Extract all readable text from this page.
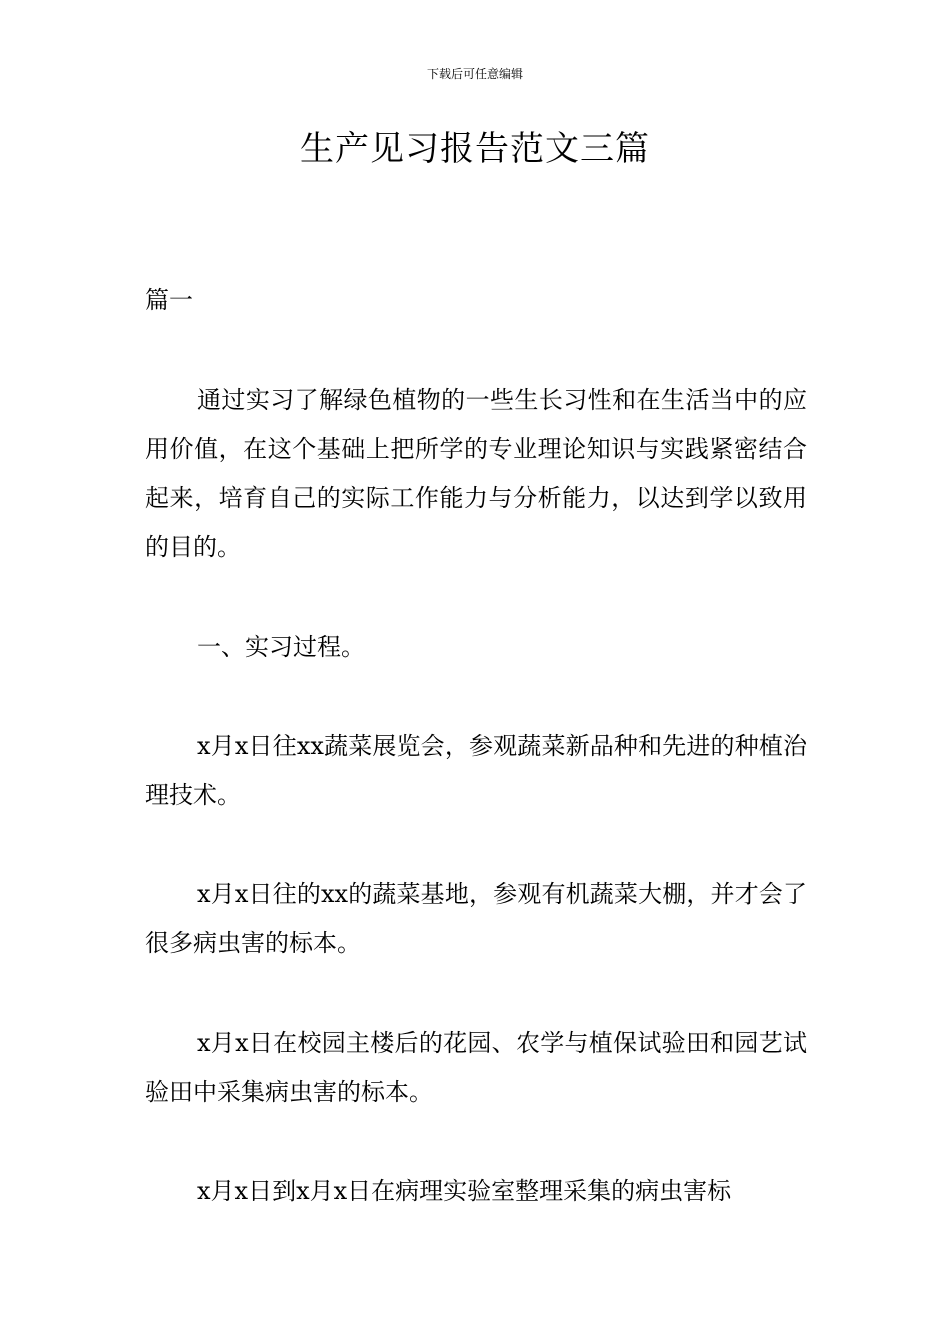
下载后可任意编辑
生产见习报告范文三篇
篇一

通过实习了解绿色植物的一些生长习性和在生活当中的应用价值，在这个基础上把所学的专业理论知识与实践紧密结合起来，培育自己的实际工作能力与分析能力，以达到学以致用的目的。

一、实习过程。

x月x日往xx蔬菜展览会，参观蔬菜新品种和先进的种植治理技术。

x月x日往的xx的蔬菜基地，参观有机蔬菜大棚，并才会了很多病虫害的标本。

x月x日在校园主楼后的花园、农学与植保试验田和园艺试验田中采集病虫害的标本。

x月x日到x月x日在病理实验室整理采集的病虫害标
